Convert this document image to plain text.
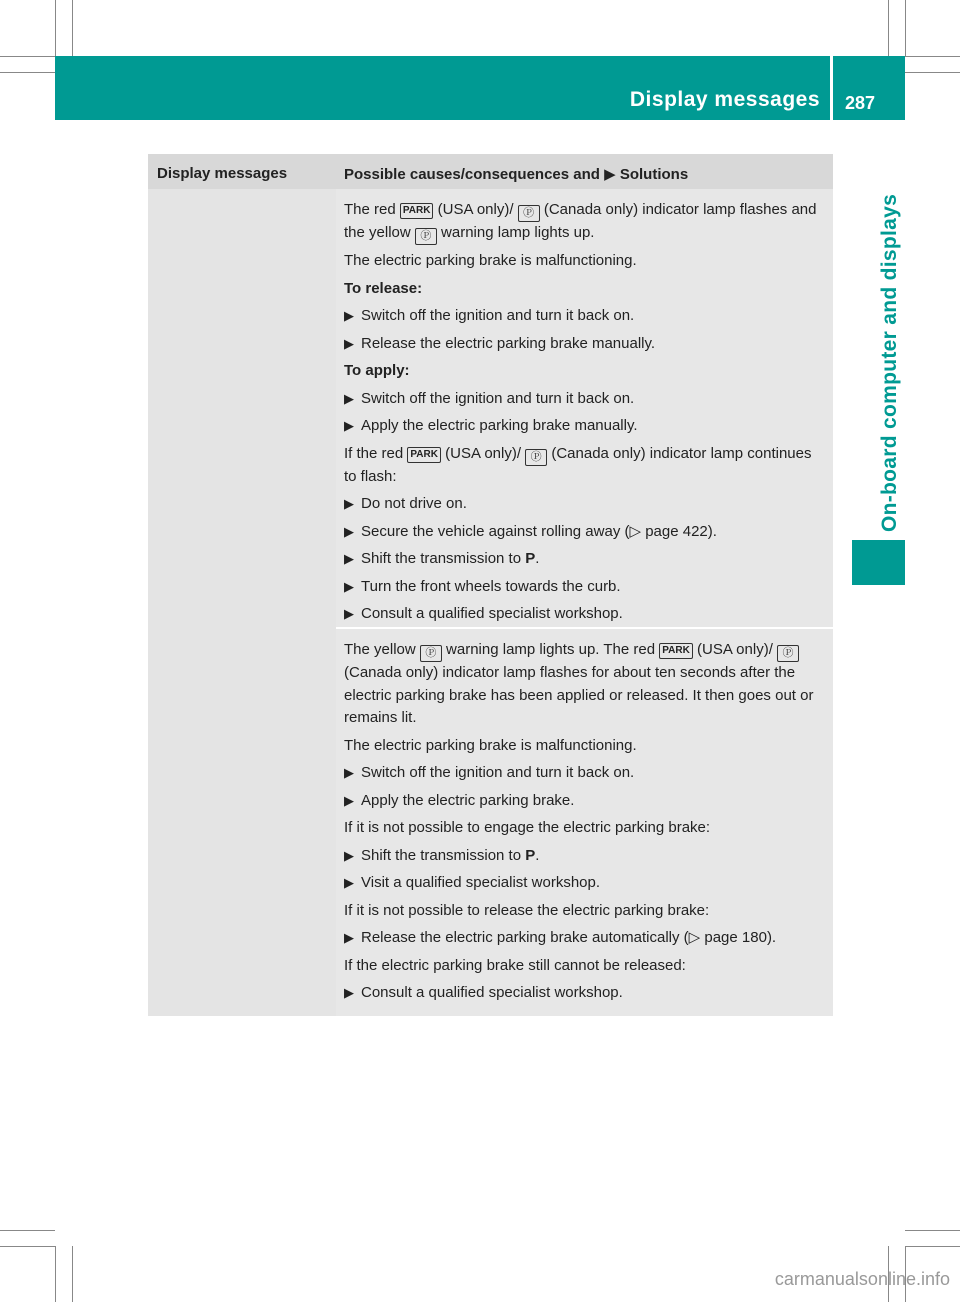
Display messages 287
On-board computer and displays
Display messages	Possible causes/consequences and ▶ Solutions

The red PARK (USA only)/ Ⓟ (Canada only) indicator lamp flashes and the yellow Ⓟ warning lamp lights up.

The electric parking brake is malfunctioning.

To release:

▶ Switch off the ignition and turn it back on.

▶ Release the electric parking brake manually.

To apply:

▶ Switch off the ignition and turn it back on.

▶ Apply the electric parking brake manually.

If the red PARK (USA only)/ Ⓟ (Canada only) indicator lamp continues to flash:

▶ Do not drive on.

▶ Secure the vehicle against rolling away (▷ page 422).

▶ Shift the transmission to P.

▶ Turn the front wheels towards the curb.

▶ Consult a qualified specialist workshop.

The yellow Ⓟ warning lamp lights up. The red PARK (USA only)/ Ⓟ (Canada only) indicator lamp flashes for about ten seconds after the electric parking brake has been applied or released. It then goes out or remains lit.

The electric parking brake is malfunctioning.

▶ Switch off the ignition and turn it back on.

▶ Apply the electric parking brake.

If it is not possible to engage the electric parking brake:

▶ Shift the transmission to P.

▶ Visit a qualified specialist workshop.

If it is not possible to release the electric parking brake:

▶ Release the electric parking brake automatically (▷ page 180).

If the electric parking brake still cannot be released:

▶ Consult a qualified specialist workshop.

carmanualsonline.info
